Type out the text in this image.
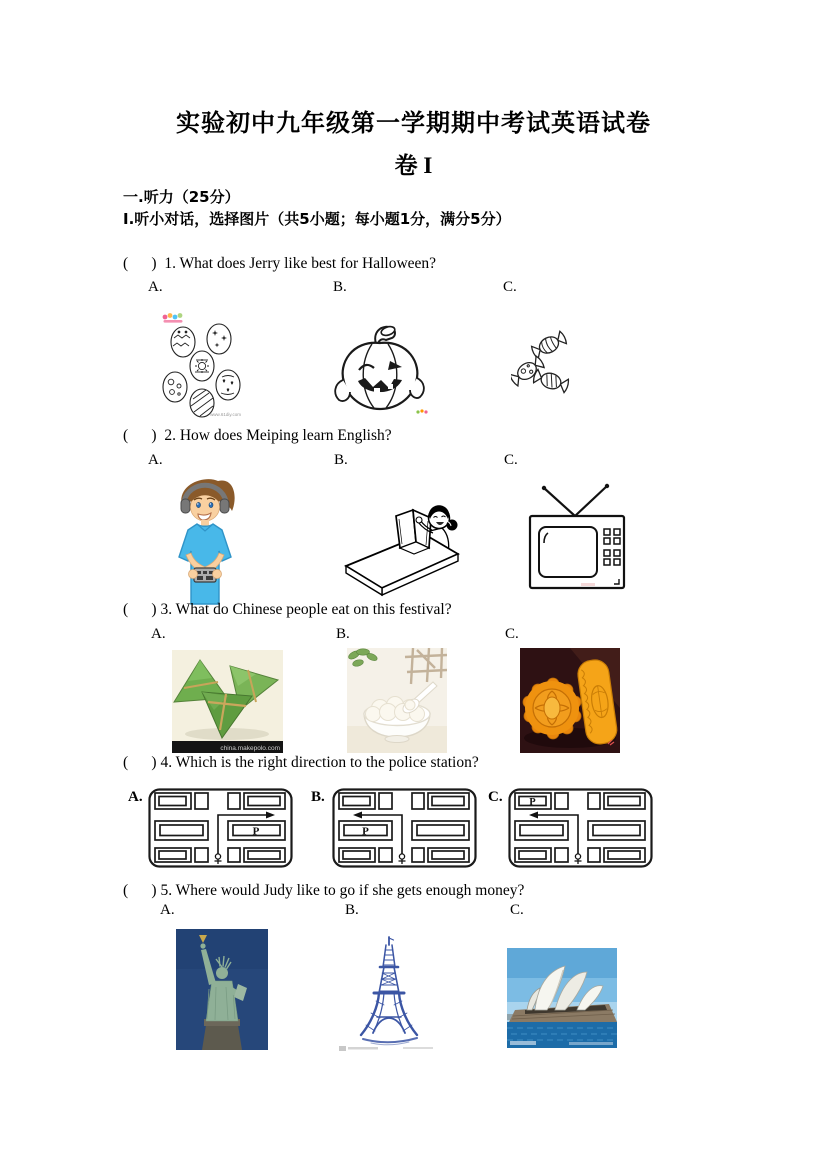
实验初中九年级第一学期期中考试英语试卷
卷 I
一.听力（25分）
Ⅰ.听小对话，选择图片（共5小题；每小题1分，满分5分）
(      )  1. What does Jerry like best for Halloween?
A.	B.	C.
www.61diy.com
(      )  2. How does Meiping learn English?
A.	B.	C.
(      ) 3. What do Chinese people eat on this festival?
A.	B.	C.
china.makepolo.com
(      ) 4. Which is the right direction to the police station?
A.	B.	C.
P	P
P
(      ) 5. Where would Judy like to go if she gets enough money?
A.	B.	C.
